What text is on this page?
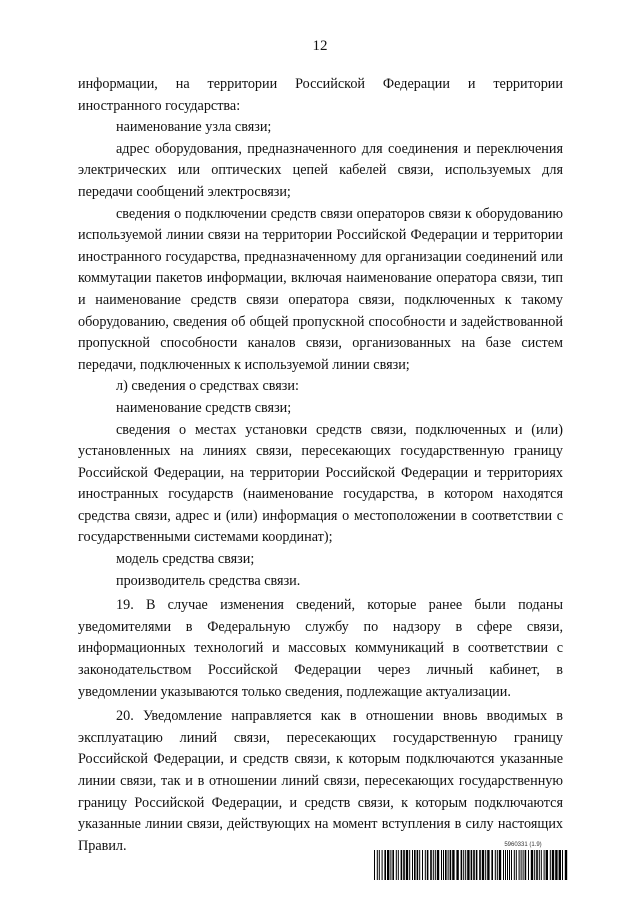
12

информации, на территории Российской Федерации и территории иностранного государства:

наименование узла связи;

адрес оборудования, предназначенного для соединения и переключения электрических или оптических цепей кабелей связи, используемых для передачи сообщений электросвязи;

сведения о подключении средств связи операторов связи к оборудованию используемой линии связи на территории Российской Федерации и территории иностранного государства, предназначенному для организации соединений или коммутации пакетов информации, включая наименование оператора связи, тип и наименование средств связи оператора связи, подключенных к такому оборудованию, сведения об общей пропускной способности и задействованной пропускной способности каналов связи, организованных на базе систем передачи, подключенных к используемой линии связи;

л) сведения о средствах связи:

наименование средств связи;

сведения о местах установки средств связи, подключенных и (или) установленных на линиях связи, пересекающих государственную границу Российской Федерации, на территории Российской Федерации и территориях иностранных государств (наименование государства, в котором находятся средства связи, адрес и (или) информация о местоположении в соответствии с государственными системами координат);

модель средства связи;

производитель средства связи.

19. В случае изменения сведений, которые ранее были поданы уведомителями в Федеральную службу по надзору в сфере связи, информационных технологий и массовых коммуникаций в соответствии с законодательством Российской Федерации через личный кабинет, в уведомлении указываются только сведения, подлежащие актуализации.

20. Уведомление направляется как в отношении вновь вводимых в эксплуатацию линий связи, пересекающих государственную границу Российской Федерации, и средств связи, к которым подключаются указанные линии связи, так и в отношении линий связи, пересекающих государственную границу Российской Федерации, и средств связи, к которым подключаются указанные линии связи, действующих на момент вступления в силу настоящих Правил.	5960331 (1.9)
